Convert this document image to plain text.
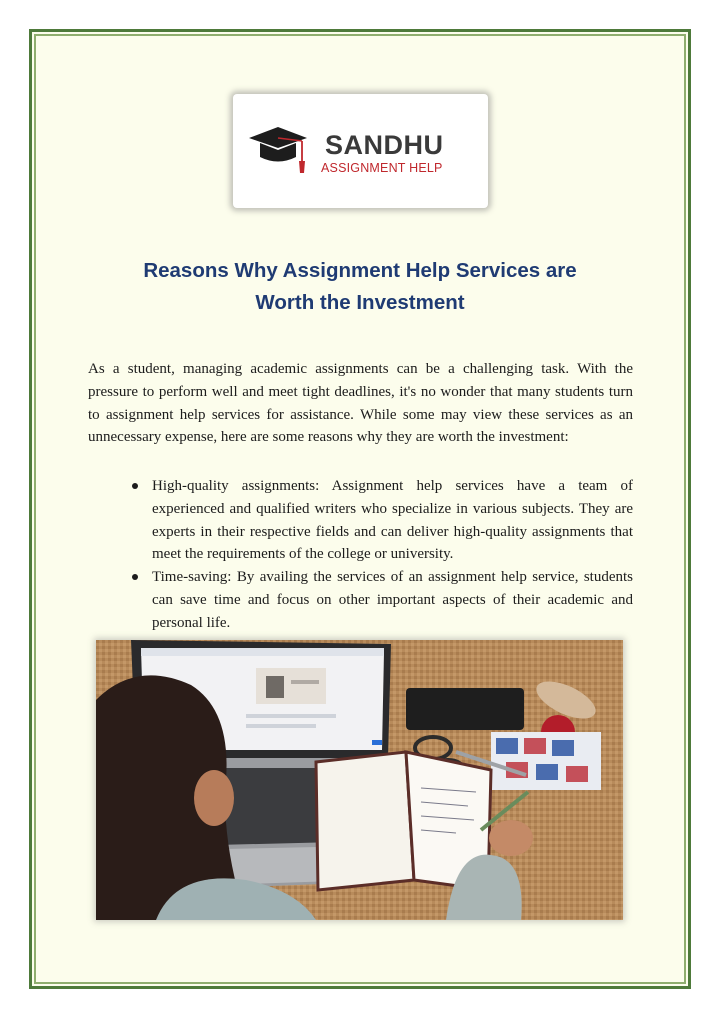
SANDHU
ASSIGNMENT HELP
Reasons Why Assignment Help Services are
Worth the Investment

As a student, managing academic assignments can be a challenging task. With the pressure to perform well and meet tight deadlines, it's no wonder that many students turn to assignment help services for assistance. While some may view these services as an unnecessary expense, here are some reasons why they are worth the investment:

High-quality assignments: Assignment help services have a team of experienced and qualified writers who specialize in various subjects. They are experts in their respective fields and can deliver high-quality assignments that meet the requirements of the college or university.
Time-saving: By availing the services of an assignment help service, students can save time and focus on other important aspects of their academic and personal life.
